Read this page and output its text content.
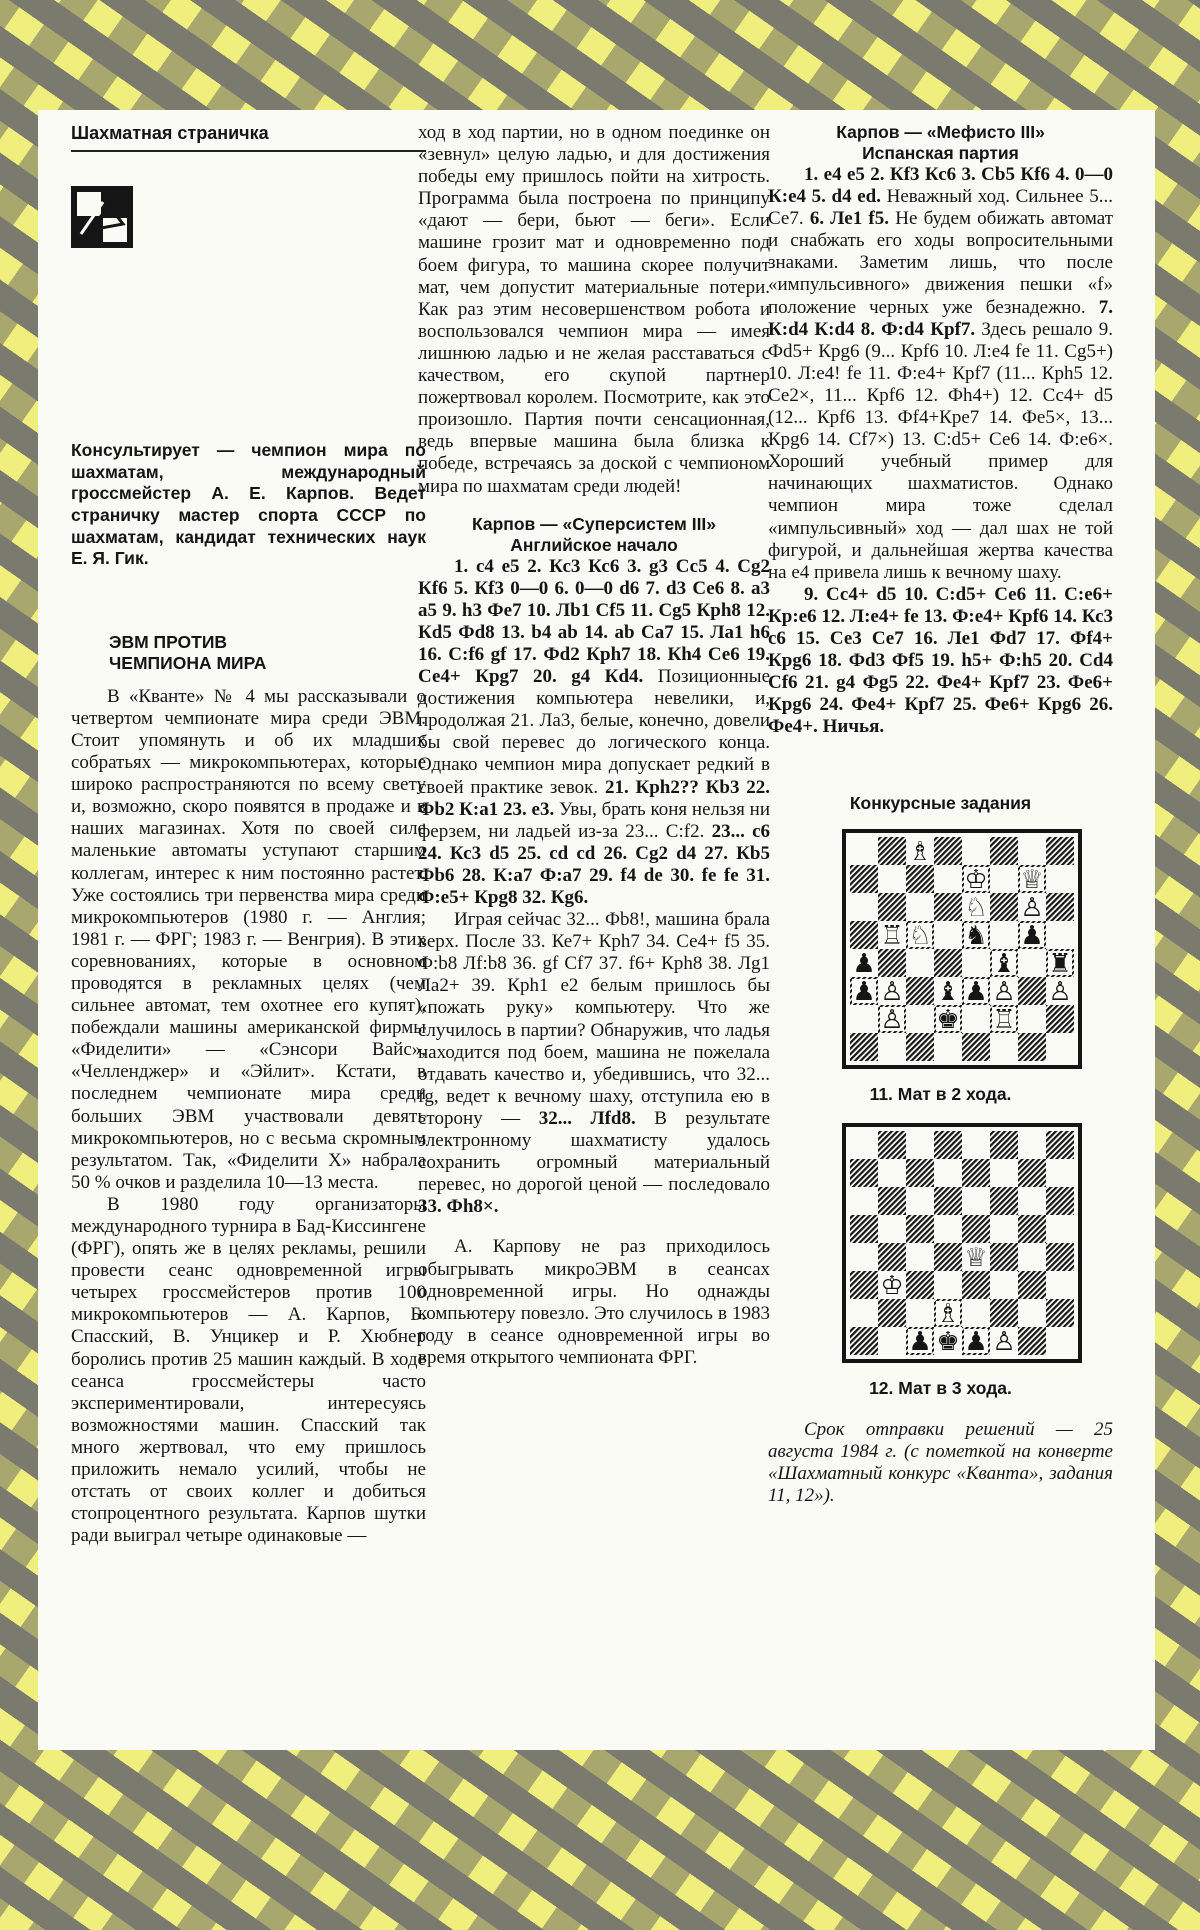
Шахматная страничка
Консультирует — чемпион мира по шахматам, международный гроссмейстер А. Е. Карпов. Ведет страничку мастер спорта СССР по шахматам, кандидат технических наук Е. Я. Гик.
ЭВМ ПРОТИВ
ЧЕМПИОНА МИРА

В «Кванте» № 4 мы рассказывали о четвертом чемпионате мира среди ЭВМ. Стоит упомянуть и об их младших собратьях — микрокомпьютерах, которые широко распространяются по всему свету и, возможно, скоро появятся в продаже и в наших магазинах. Хотя по своей силе маленькие автоматы уступают старшим коллегам, интерес к ним постоянно растет. Уже состоялись три первенства мира среди микрокомпьютеров (1980 г. — Англия; 1981 г. — ФРГ; 1983 г. — Венгрия). В этих соревнованиях, которые в основном проводятся в рекламных целях (чем сильнее автомат, тем охотнее его купят), побеждали машины американской фирмы «Фиделити» — «Сэнсори Вайс», «Челленджер» и «Эйлит». Кстати, в последнем чемпионате мира среди больших ЭВМ участвовали девять микрокомпьютеров, но с весьма скромным результатом. Так, «Фиделити Х» набрала 50 % очков и разделила 10—13 места.

В 1980 году организаторы международного турнира в Бад-Киссингене (ФРГ), опять же в целях рекламы, решили провести сеанс одновременной игры четырех гроссмейстеров против 100 микрокомпьютеров — А. Карпов, Б. Спасский, В. Унцикер и Р. Хюбнер боролись против 25 машин каждый. В ходе сеанса гроссмейстеры часто экспериментировали, интересуясь возможностями машин. Спасский так много жертвовал, что ему пришлось приложить немало усилий, чтобы не отстать от своих коллег и добиться стопроцентного результата. Карпов шутки ради выиграл четыре одинаковые —

ход в ход партии, но в одном поединке он «зевнул» целую ладью, и для достижения победы ему пришлось пойти на хитрость. Программа была построена по принципу «дают — бери, бьют — беги». Если машине грозит мат и одновременно под боем фигура, то машина скорее получит мат, чем допустит материальные потери. Как раз этим несовершенством робота и воспользовался чемпион мира — имея лишнюю ладью и не желая расставаться с качеством, его скупой партнер пожертвовал королем. Посмотрите, как это произошло. Партия почти сенсационная, ведь впервые машина была близка к победе, встречаясь за доской с чемпионом мира по шахматам среди людей!

Карпов — «Суперсистем III»
Английское начало

1. c4 e5 2. Кс3 Кс6 3. g3 Сс5 4. Сg2 Кf6 5. Кf3 0—0 6. 0—0 d6 7. d3 Се6 8. а3 а5 9. h3 Фе7 10. Лb1 Сf5 11. Сg5 Крh8 12. Кd5 Фd8 13. b4 аb 14. аb Са7 15. Ла1 h6 16. С:f6 gf 17. Фd2 Крh7 18. Кh4 Се6 19. Се4+ Крg7 20. g4 Кd4. Позиционные достижения компьютера невелики, и, продолжая 21. Ла3, белые, конечно, довели бы свой перевес до логического конца. Однако чемпион мира допускает редкий в своей практике зевок. 21. Крh2?? Кb3 22. Фb2 К:а1 23. е3. Увы, брать коня нельзя ни ферзем, ни ладьей из-за 23... С:f2. 23... с6 24. Кс3 d5 25. cd cd 26. Сg2 d4 27. Кb5 Фb6 28. К:а7 Ф:а7 29. f4 de 30. fe fe 31. Ф:е5+ Крg8 32. Кg6.

Играя сейчас 32... Фb8!, машина брала верх. После 33. Ке7+ Крh7 34. Се4+ f5 35. Ф:b8 Лf:b8 36. gf Сf7 37. f6+ Крh8 38. Лg1 Ла2+ 39. Крh1 е2 белым пришлось бы «пожать руку» компьютеру. Что же случилось в партии? Обнаружив, что ладья находится под боем, машина не пожелала отдавать качество и, убедившись, что 32... fg, ведет к вечному шаху, отступила ею в сторону — 32... Лfd8. В результате электронному шахматисту удалось сохранить огромный материальный перевес, но дорогой ценой — последовало 33. Фh8×.

А. Карпову не раз приходилось обыгрывать микроЭВМ в сеансах одновременной игры. Но однажды компьютеру повезло. Это случилось в 1983 году в сеансе одновременной игры во время открытого чемпионата ФРГ.

Карпов — «Мефисто III»
Испанская партия

1. е4 е5 2. Кf3 Кс6 3. Сb5 Кf6 4. 0—0 К:е4 5. d4 еd. Неважный ход. Сильнее 5... Се7. 6. Ле1 f5. Не будем обижать автомат и снабжать его ходы вопросительными знаками. Заметим лишь, что после «импульсивного» движения пешки «f» положение черных уже безнадежно. 7. К:d4 К:d4 8. Ф:d4 Крf7. Здесь решало 9. Фd5+ Крg6 (9... Крf6 10. Л:е4 fе 11. Сg5+) 10. Л:е4! fе 11. Ф:е4+ Крf7 (11... Крh5 12. Се2×, 11... Крf6 12. Фh4+) 12. Сс4+ d5 (12... Крf6 13. Фf4+Кре7 14. Фе5×, 13... Крg6 14. Сf7×) 13. С:d5+ Се6 14. Ф:е6×. Хороший учебный пример для начинающих шахматистов. Однако чемпион мира тоже сделал «импульсивный» ход — дал шах не той фигурой, и дальнейшая жертва качества на е4 привела лишь к вечному шаху.

9. Сс4+ d5 10. С:d5+ Се6 11. С:е6+ Кр:е6 12. Л:е4+ fе 13. Ф:е4+ Крf6 14. Кс3 с6 15. Се3 Се7 16. Ле1 Фd7 17. Фf4+ Крg6 18. Фd3 Фf5 19. h5+ Ф:h5 20. Сd4 Сf6 21. g4 Фg5 22. Фе4+ Крf7 23. Фе6+ Крg6 24. Фе4+ Крf7 25. Фе6+ Крg6 26. Фе4+. Ничья.

Конкурсные задания
♗
♔ ♕
♘ ♙
♖ ♘ ♞ ♟
♟	♝ ♜
♟ ♙ ♝ ♟ ♙ ♙
♙ ♚ ♖
11. Мат в 2 хода.
♕
♔
♗
♟ ♚ ♟ ♙
12. Мат в 3 хода.

Срок отправки решений — 25 августа 1984 г. (с пометкой на конверте «Шахматный конкурс «Кванта», задания 11, 12»).
